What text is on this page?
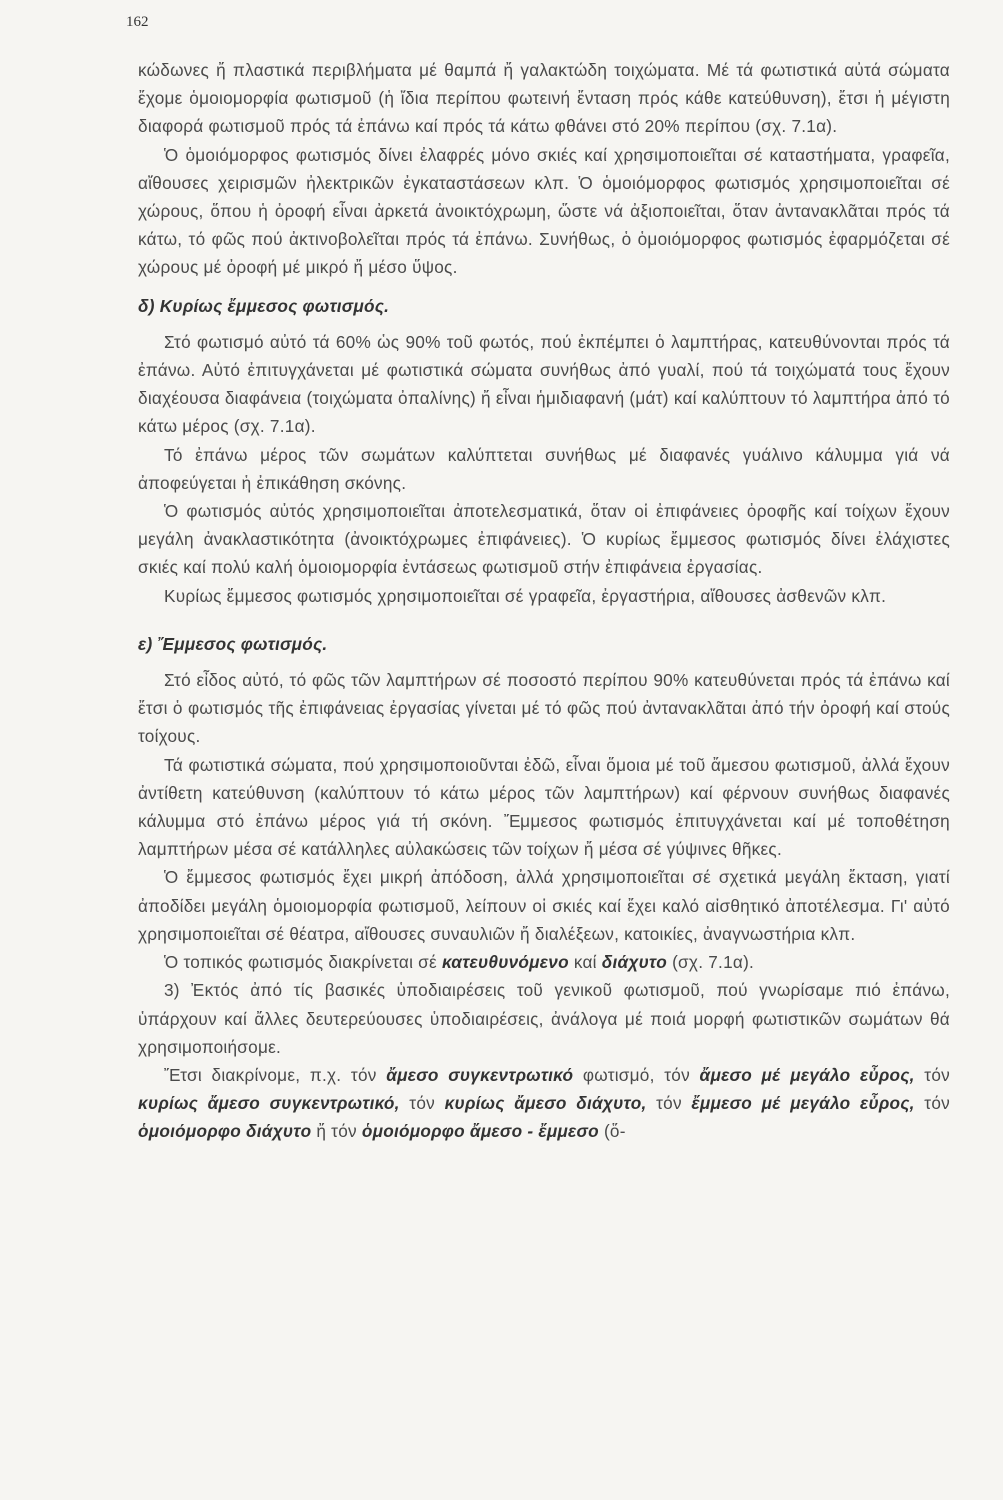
162

κώδωνες ἤ πλαστικά περιβλήματα μέ θαμπά ἤ γαλακτώδη τοιχώματα. Μέ τά φωτιστικά αὐτά σώματα ἔχομε ὁμοιομορφία φωτισμοῦ (ἡ ἴδια περίπου φωτεινή ἔνταση πρός κάθε κατεύθυνση), ἔτσι ἡ μέγιστη διαφορά φωτισμοῦ πρός τά ἐπάνω καί πρός τά κάτω φθάνει στό 20% περίπου (σχ. 7.1α).

Ὁ ὁμοιόμορφος φωτισμός δίνει ἐλαφρές μόνο σκιές καί χρησιμοποιεῖται σέ καταστήματα, γραφεῖα, αἴθουσες χειρισμῶν ἠλεκτρικῶν ἐγκαταστάσεων κλπ. Ὁ ὁμοιόμορφος φωτισμός χρησιμοποιεῖται σέ χώρους, ὅπου ἡ ὀροφή εἶναι ἀρκετά ἀνοικτόχρωμη, ὥστε νά ἀξιοποιεῖται, ὅταν ἀντανακλᾶται πρός τά κάτω, τό φῶς πού ἀκτινοβολεῖται πρός τά ἐπάνω. Συνήθως, ὁ ὁμοιόμορφος φωτισμός ἐφαρμόζεται σέ χώρους μέ ὀροφή μέ μικρό ἤ μέσο ὕψος.

δ) Κυρίως ἔμμεσος φωτισμός.

Στό φωτισμό αὐτό τά 60% ὡς 90% τοῦ φωτός, πού ἐκπέμπει ὁ λαμπτήρας, κατευθύνονται πρός τά ἐπάνω. Αὐτό ἐπιτυγχάνεται μέ φωτιστικά σώματα συνήθως ἀπό γυαλί, πού τά τοιχώματά τους ἔχουν διαχέουσα διαφάνεια (τοιχώματα ὀπαλίνης) ἤ εἶναι ἡμιδιαφανή (μάτ) καί καλύπτουν τό λαμπτήρα ἀπό τό κάτω μέρος (σχ. 7.1α).

Τό ἐπάνω μέρος τῶν σωμάτων καλύπτεται συνήθως μέ διαφανές γυάλινο κάλυμμα γιά νά ἀποφεύγεται ἡ ἐπικάθηση σκόνης.

Ὁ φωτισμός αὐτός χρησιμοποιεῖται ἀποτελεσματικά, ὅταν οἱ ἐπιφάνειες ὀροφῆς καί τοίχων ἔχουν μεγάλη ἀνακλαστικότητα (ἀνοικτόχρωμες ἐπιφάνειες). Ὁ κυρίως ἔμμεσος φωτισμός δίνει ἐλάχιστες σκιές καί πολύ καλή ὁμοιομορφία ἐντάσεως φωτισμοῦ στήν ἐπιφάνεια ἐργασίας.

Κυρίως ἔμμεσος φωτισμός χρησιμοποιεῖται σέ γραφεῖα, ἐργαστήρια, αἴθουσες ἀσθενῶν κλπ.

ε) Ἔμμεσος φωτισμός.

Στό εἶδος αὐτό, τό φῶς τῶν λαμπτήρων σέ ποσοστό περίπου 90% κατευθύνεται πρός τά ἐπάνω καί ἔτσι ὁ φωτισμός τῆς ἐπιφάνειας ἐργασίας γίνεται μέ τό φῶς πού ἀντανακλᾶται ἀπό τήν ὀροφή καί στούς τοίχους.

Τά φωτιστικά σώματα, πού χρησιμοποιοῦνται ἐδῶ, εἶναι ὅμοια μέ τοῦ ἄμεσου φωτισμοῦ, ἀλλά ἔχουν ἀντίθετη κατεύθυνση (καλύπτουν τό κάτω μέρος τῶν λαμπτήρων) καί φέρνουν συνήθως διαφανές κάλυμμα στό ἐπάνω μέρος γιά τή σκόνη. Ἔμμεσος φωτισμός ἐπιτυγχάνεται καί μέ τοποθέτηση λαμπτήρων μέσα σέ κατάλληλες αὐλακώσεις τῶν τοίχων ἤ μέσα σέ γύψινες θῆκες.

Ὁ ἔμμεσος φωτισμός ἔχει μικρή ἀπόδοση, ἀλλά χρησιμοποιεῖται σέ σχετικά μεγάλη ἔκταση, γιατί ἀποδίδει μεγάλη ὁμοιομορφία φωτισμοῦ, λείπουν οἱ σκιές καί ἔχει καλό αἰσθητικό ἀποτέλεσμα. Γι' αὐτό χρησιμοποιεῖται σέ θέατρα, αἴθουσες συναυλιῶν ἤ διαλέξεων, κατοικίες, ἀναγνωστήρια κλπ.

Ὁ τοπικός φωτισμός διακρίνεται σέ κατευθυνόμενο καί διάχυτο (σχ. 7.1α).

3) Ἐκτός ἀπό τίς βασικές ὑποδιαιρέσεις τοῦ γενικοῦ φωτισμοῦ, πού γνωρίσαμε πιό ἐπάνω, ὑπάρχουν καί ἄλλες δευτερεύουσες ὑποδιαιρέσεις, ἀνάλογα μέ ποιά μορφή φωτιστικῶν σωμάτων θά χρησιμοποιήσομε.

Ἔτσι διακρίνομε, π.χ. τόν ἄμεσο συγκεντρωτικό φωτισμό, τόν ἄμεσο μέ μεγάλο εὖρος, τόν κυρίως ἄμεσο συγκεντρωτικό, τόν κυρίως ἄμεσο διάχυτο, τόν ἔμμεσο μέ μεγάλο εὖρος, τόν ὁμοιόμορφο διάχυτο ἤ τόν ὁμοιόμορφο ἄμεσο - ἔμμεσο (ὅ-
